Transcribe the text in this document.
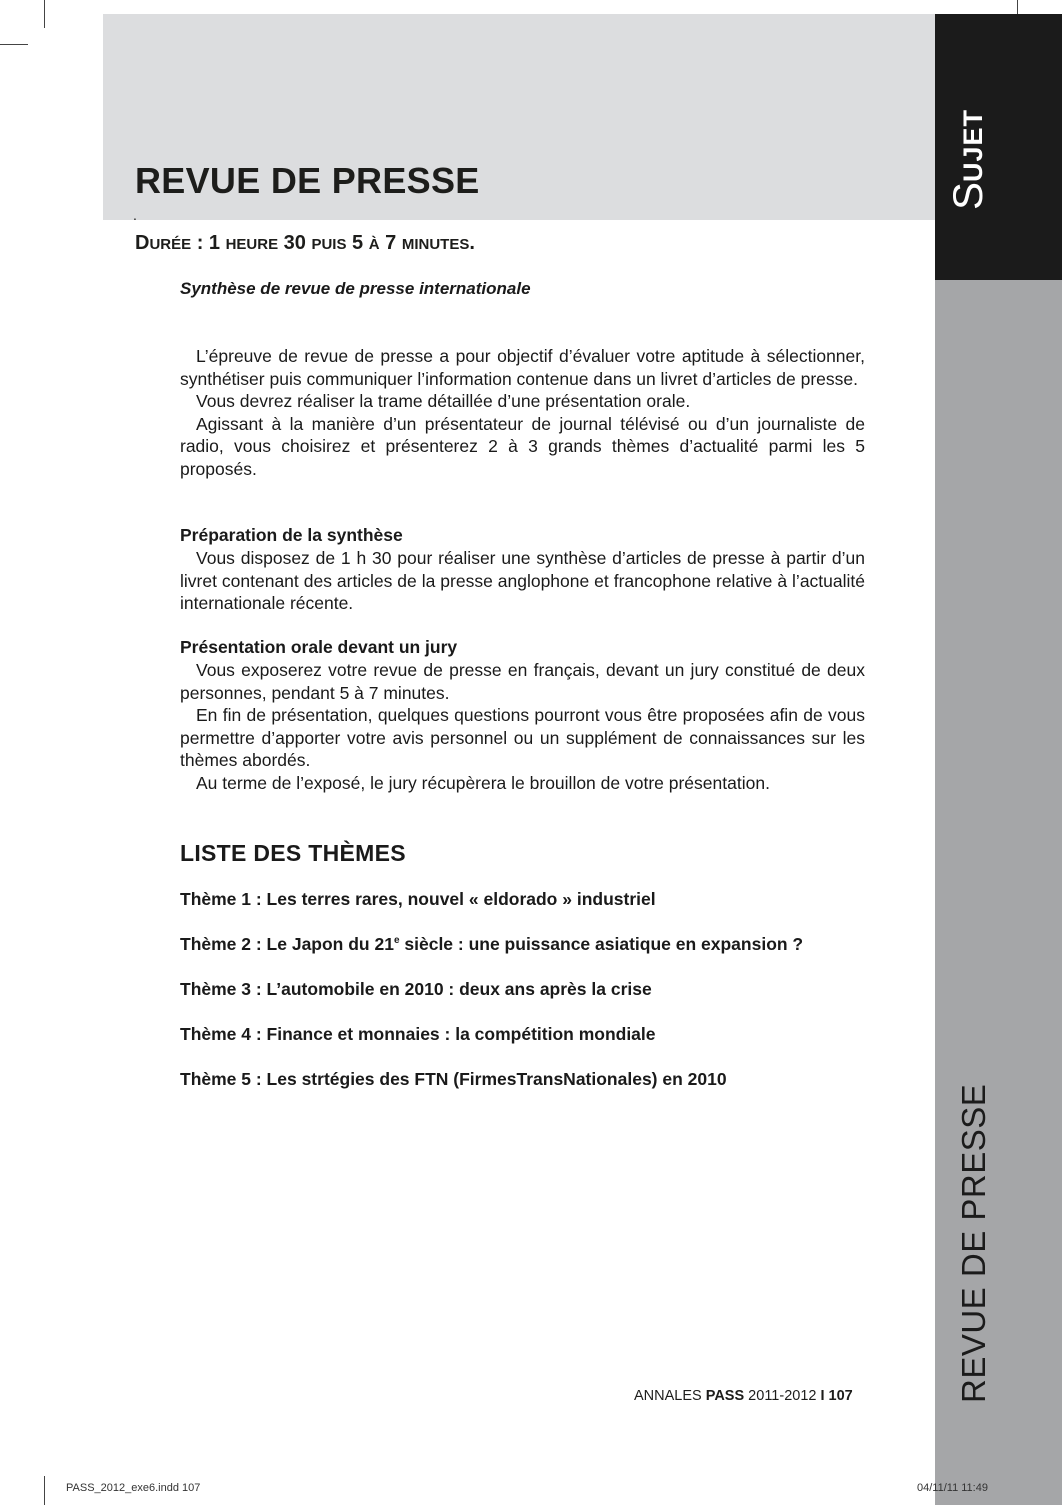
REVUE DE PRESSE
.
SUJET
REVUE DE PRESSE
DURÉE : 1 HEURE 30 PUIS 5 À 7 MINUTES.
Synthèse de revue de presse internationale

L’épreuve de revue de presse a pour objectif d’évaluer votre aptitude à sélectionner, synthétiser puis communiquer l’information contenue dans un livret d’articles de presse.

Vous devrez réaliser la trame détaillée d’une présentation orale.

Agissant à la manière d’un présentateur de journal télévisé ou d’un journaliste de radio, vous choisirez et présenterez 2 à 3 grands thèmes d’actualité parmi les 5 proposés.

Préparation de la synthèse

Vous disposez de 1 h 30 pour réaliser une synthèse d’articles de presse à partir d’un livret contenant des articles de la presse anglophone et francophone relative à l’actualité internationale récente.

Présentation orale devant un jury

Vous exposerez votre revue de presse en français, devant un jury constitué de deux personnes, pendant 5 à 7 minutes.

En fin de présentation, quelques questions pourront vous être proposées afin de vous permettre d’apporter votre avis personnel ou un supplément de connaissances sur les thèmes abordés.

Au terme de l’exposé, le jury récupèrera le brouillon de votre présentation.

LISTE DES THÈMES
Thème 1 : Les terres rares, nouvel « eldorado » industriel
Thème 2 : Le Japon du 21e siècle : une puissance asiatique en expansion ?
Thème 3 : L’automobile en 2010 : deux ans après la crise
Thème 4 : Finance et monnaies : la compétition mondiale
Thème 5 : Les strtégies des FTN (FirmesTransNationales) en 2010
ANNALES PASS 2011-2012 I 107
PASS_2012_exe6.indd 107	04/11/11 11:49
